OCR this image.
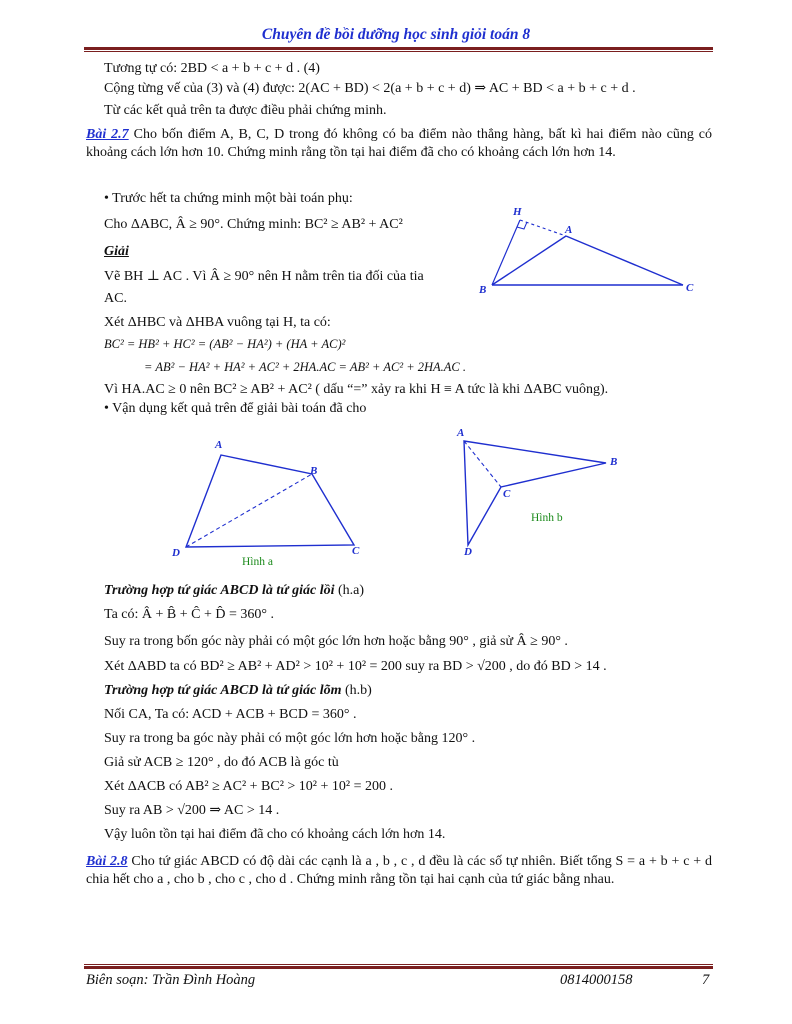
Chuyên đề bồi dưỡng học sinh giỏi toán 8
Tương tự có: 2BD < a + b + c + d . (4)
Cộng từng vế của (3) và (4) được: 2(AC + BD) < 2(a + b + c + d) ⇒ AC + BD < a + b + c + d .
Từ các kết quả trên ta được điều phải chứng minh.
Bài 2.7 Cho bốn điểm A, B, C, D trong đó không có ba điểm nào thẳng hàng, bất kì hai điểm nào cũng có khoảng cách lớn hơn 10. Chứng minh rằng tồn tại hai điểm đã cho có khoảng cách lớn hơn 14.
• Trước hết ta chứng minh một bài toán phụ:
Cho ΔABC, Â ≥ 90°. Chứng minh: BC² ≥ AB² + AC²
Giải
Vẽ BH ⊥ AC . Vì Â ≥ 90° nên H nằm trên tia đối của tia
AC.
Xét ΔHBC và ΔHBA vuông tại H, ta có:
BC² = HB² + HC² = (AB² − HA²) + (HA + AC)²
= AB² − HA² + HA² + AC² + 2HA.AC = AB² + AC² + 2HA.AC .
Vì HA.AC ≥ 0 nên BC² ≥ AB² + AC² ( dấu “=” xảy ra khi H ≡ A tức là khi ΔABC vuông).
• Vận dụng kết quả trên để giải bài toán đã cho
Trường hợp tứ giác ABCD là tứ giác lồi (h.a)
Ta có: Â + B̂ + Ĉ + D̂ = 360° .
Suy ra trong bốn góc này phải có một góc lớn hơn hoặc bằng 90° , giả sử Â ≥ 90° .
Xét ΔABD ta có BD² ≥ AB² + AD² > 10² + 10² = 200 suy ra BD > √200 , do đó BD > 14 .
Trường hợp tứ giác ABCD là tứ giác lõm (h.b)
Nối CA, Ta có: ACD + ACB + BCD = 360° .
Suy ra trong ba góc này phải có một góc lớn hơn hoặc bằng 120° .
Giả sử ACB ≥ 120° , do đó ACB là góc tù
Xét ΔACB có AB² ≥ AC² + BC² > 10² + 10² = 200 .
Suy ra AB > √200 ⇒ AC > 14 .
Vậy luôn tồn tại hai điểm đã cho có khoảng cách lớn hơn 14.
Bài 2.8 Cho tứ giác ABCD có độ dài các cạnh là a , b , c , d đều là các số tự nhiên. Biết tổng S = a + b + c + d chia hết cho a , cho b , cho c , cho d . Chứng minh rằng tồn tại hai cạnh của tứ giác bằng nhau.
H
A
B	C
A
B
C
D
Hình a
A
B
C
D
Hình b
Biên soạn: Trần Đình Hoàng	0814000158	7
